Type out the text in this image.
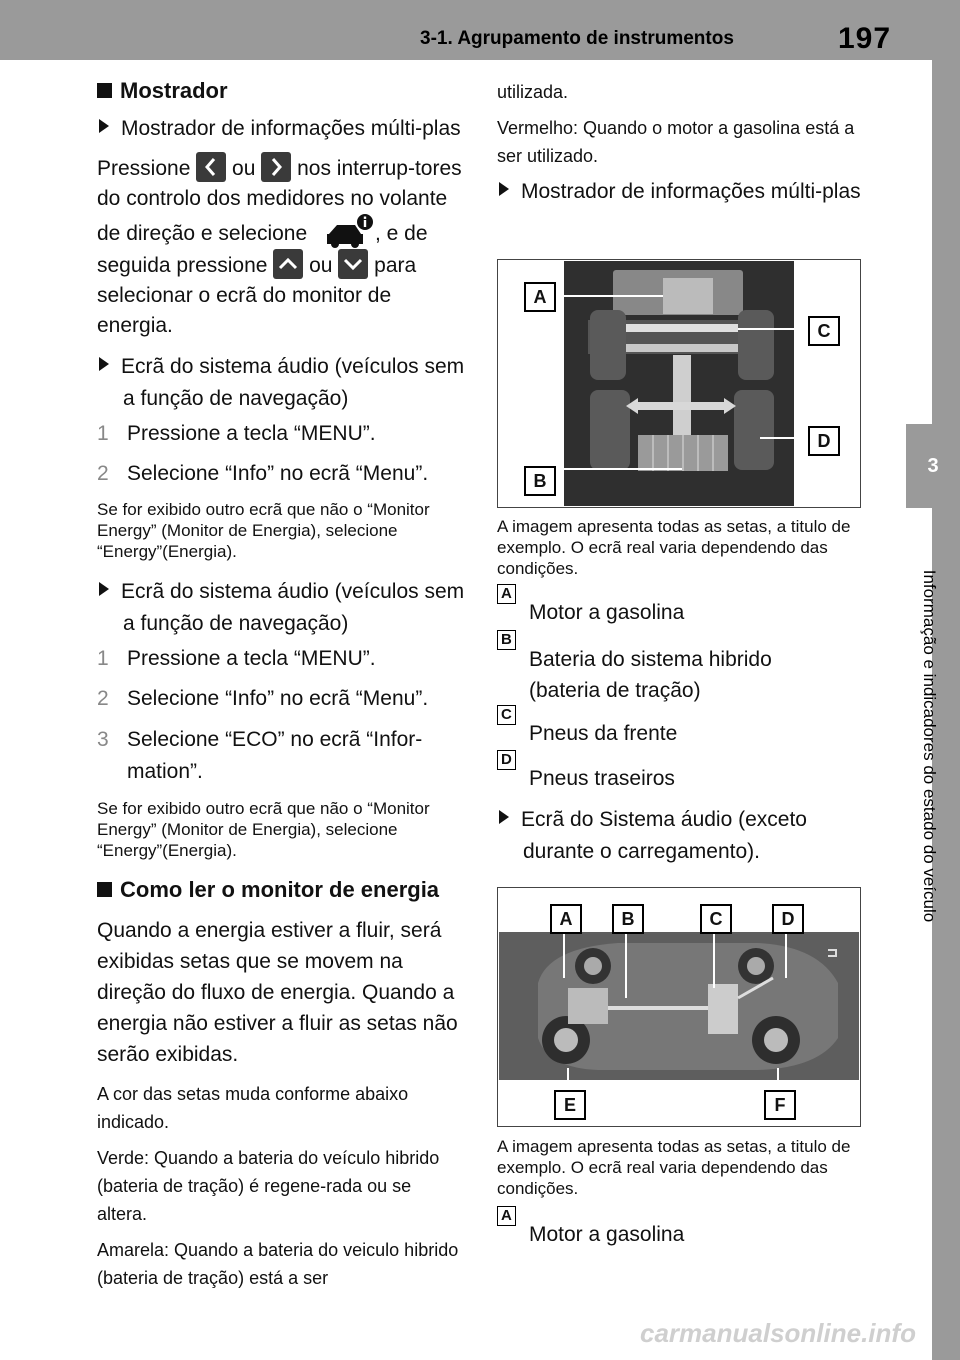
3-1. Agrupamento de instrumentos	197
3
Informação e indicadores do estado do veículo
Mostrador
Mostrador de informações múlti-plas
Pressione
ou
nos interrup-tores do controlo dos medidores no volante de direção e selecione	, e de seguida pressione
ou
para selecionar o ecrã do monitor de energia.
Ecrã do sistema áudio (veículos sem a função de navegação)
1 Pressione a tecla “MENU”.
2 Selecione “Info” no ecrã “Menu”.
Se for exibido outro ecrã que não o “Monitor Energy” (Monitor de Energia), selecione “Energy”(Energia).
Ecrã do sistema áudio (veículos sem a função de navegação)
1 Pressione a tecla “MENU”.
2 Selecione “Info” no ecrã “Menu”.
3 Selecione “ECO” no ecrã “Infor-mation”.
Se for exibido outro ecrã que não o “Monitor Energy” (Monitor de Energia), selecione “Energy”(Energia).
Como ler o monitor de energia
Quando a energia estiver a fluir, será exibidas setas que se movem na direção do fluxo de energia. Quando a energia não estiver a fluir as setas não serão exibidas.
A cor das setas muda conforme abaixo indicado.
Verde: Quando a bateria do veículo hibrido (bateria de tração) é regene-rada ou se altera.
Amarela: Quando a bateria do veiculo hibrido (bateria de tração) está a ser
utilizada.
Vermelho: Quando o motor a gasolina está a ser utilizado.
Mostrador de informações múlti-plas
A
C
D
B
A imagem apresenta todas as setas, a titulo de exemplo. O ecrã real varia dependendo das condições.
A
Motor a gasolina
B
Bateria do sistema hibrido (bateria de tração)
C
Pneus da frente
D
Pneus traseiros
Ecrã do Sistema áudio (exceto durante o carregamento).
A	B	C	D
E	F
A imagem apresenta todas as setas, a titulo de exemplo. O ecrã real varia dependendo das condições.
A
Motor a gasolina
carmanualsonline.info
